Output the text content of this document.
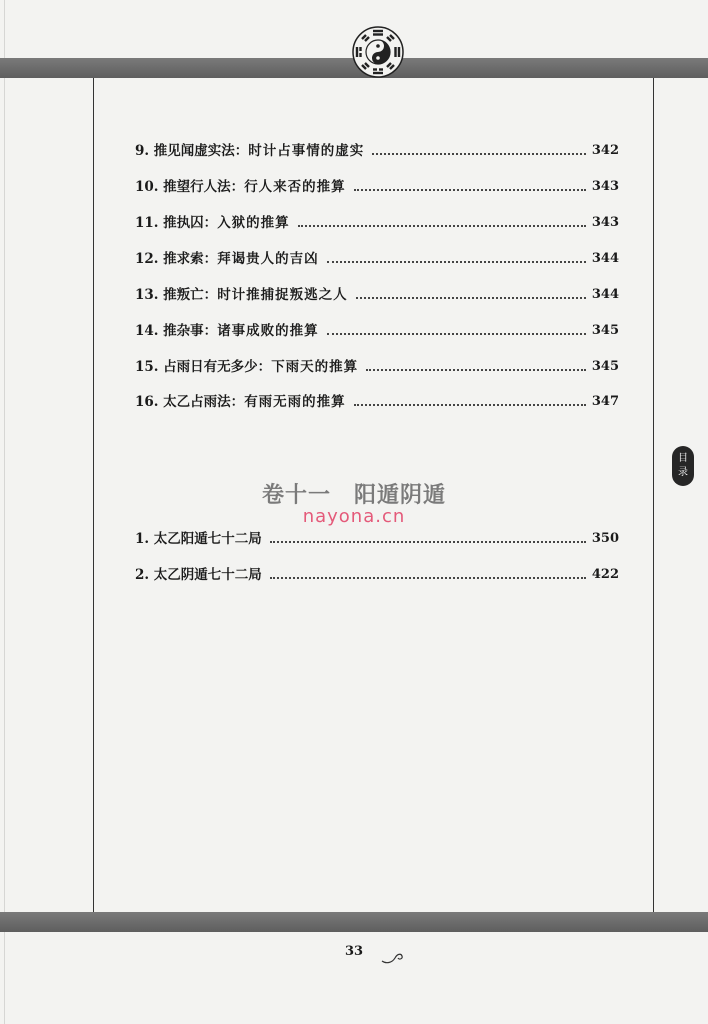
9. 推见闻虚实法： 时计占事情的虚实	342
10. 推望行人法： 行人来否的推算	343
11. 推执囚： 入狱的推算	343
12. 推求索： 拜谒贵人的吉凶	344
13. 推叛亡： 时计推捕捉叛逃之人	344
14. 推杂事： 诸事成败的推算	345
15. 占雨日有无多少： 下雨天的推算	345
16. 太乙占雨法： 有雨无雨的推算	347
卷十一　阳遁阴遁
nayona.cn
1. 太乙阳遁七十二局	350
2. 太乙阴遁七十二局	422
目
录
33
